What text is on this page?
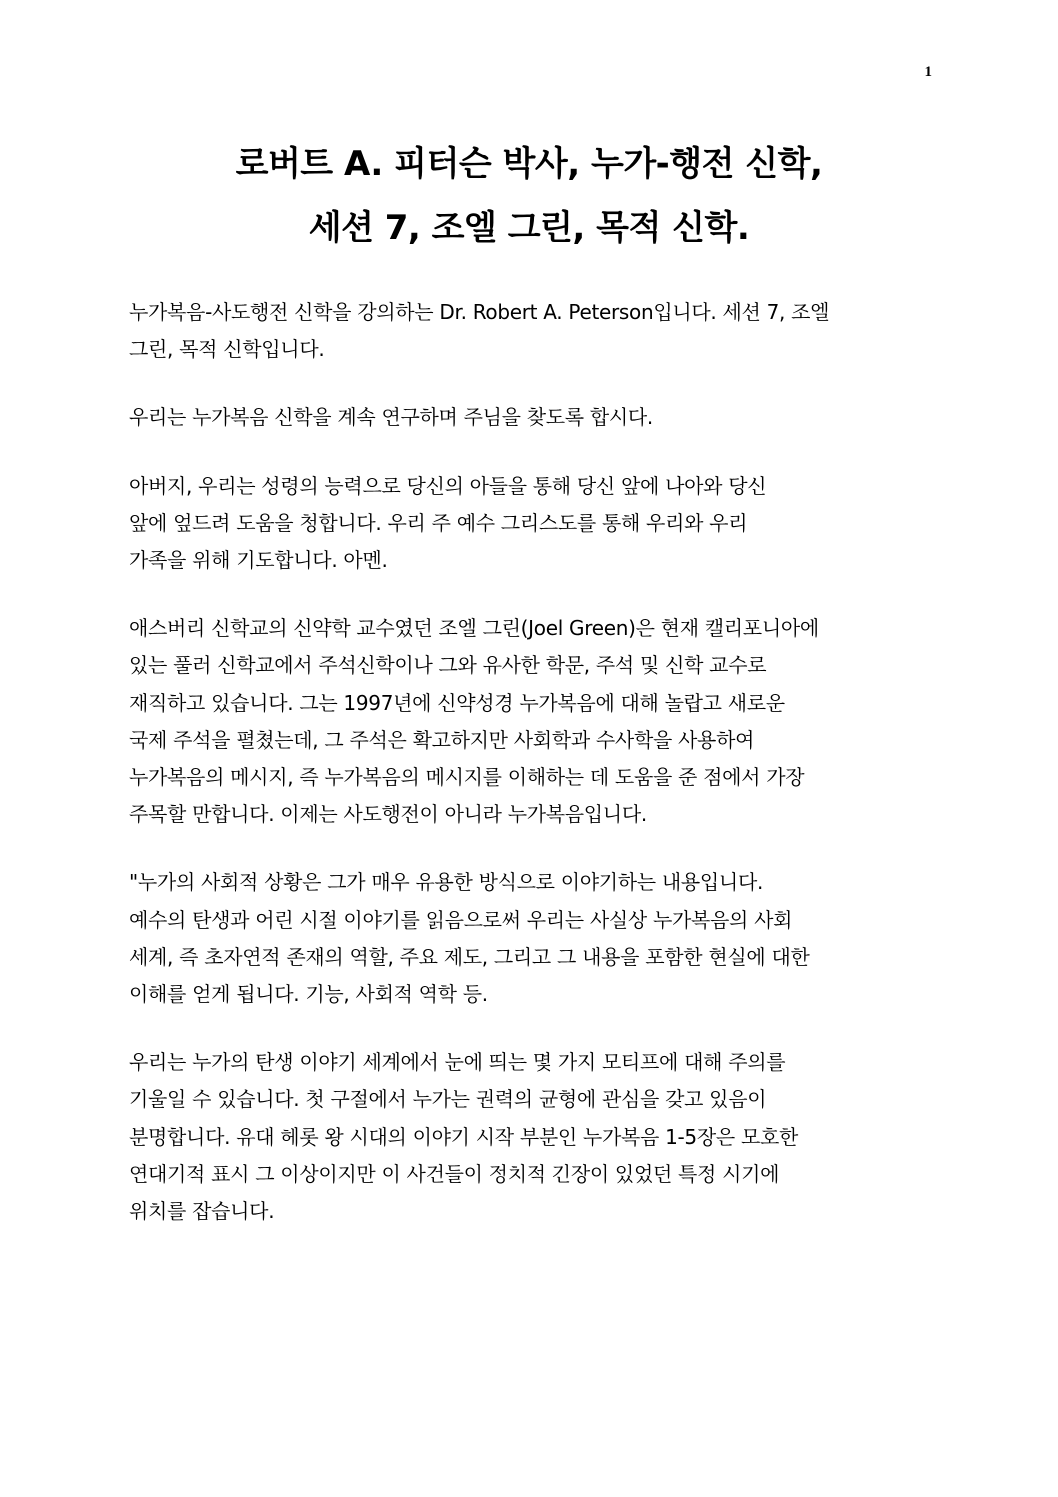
1
로버트 A. 피터슨 박사, 누가-행전 신학,
세션 7, 조엘 그린, 목적 신학.
누가복음-사도행전 신학을 강의하는 Dr. Robert A. Peterson입니다. 세션 7, 조엘
그린, 목적 신학입니다.
우리는 누가복음 신학을 계속 연구하며 주님을 찾도록 합시다.
아버지, 우리는 성령의 능력으로 당신의 아들을 통해 당신 앞에 나아와 당신
앞에 엎드려 도움을 청합니다. 우리 주 예수 그리스도를 통해 우리와 우리
가족을 위해 기도합니다. 아멘.
애스버리 신학교의 신약학 교수였던 조엘 그린(Joel Green)은 현재 캘리포니아에
있는 풀러 신학교에서 주석신학이나 그와 유사한 학문, 주석 및 신학 교수로
재직하고 있습니다. 그는 1997년에 신약성경 누가복음에 대해 놀랍고 새로운
국제 주석을 펼쳤는데, 그 주석은 확고하지만 사회학과 수사학을 사용하여
누가복음의 메시지, 즉 누가복음의 메시지를 이해하는 데 도움을 준 점에서 가장
주목할 만합니다. 이제는 사도행전이 아니라 누가복음입니다.
"누가의 사회적 상황은 그가 매우 유용한 방식으로 이야기하는 내용입니다.
예수의 탄생과 어린 시절 이야기를 읽음으로써 우리는 사실상 누가복음의 사회
세계, 즉 초자연적 존재의 역할, 주요 제도, 그리고 그 내용을 포함한 현실에 대한
이해를 얻게 됩니다. 기능, 사회적 역학 등.
우리는 누가의 탄생 이야기 세계에서 눈에 띄는 몇 가지 모티프에 대해 주의를
기울일 수 있습니다. 첫 구절에서 누가는 권력의 균형에 관심을 갖고 있음이
분명합니다. 유대 헤롯 왕 시대의 이야기 시작 부분인 누가복음 1-5장은 모호한
연대기적 표시 그 이상이지만 이 사건들이 정치적 긴장이 있었던 특정 시기에
위치를 잡습니다.
